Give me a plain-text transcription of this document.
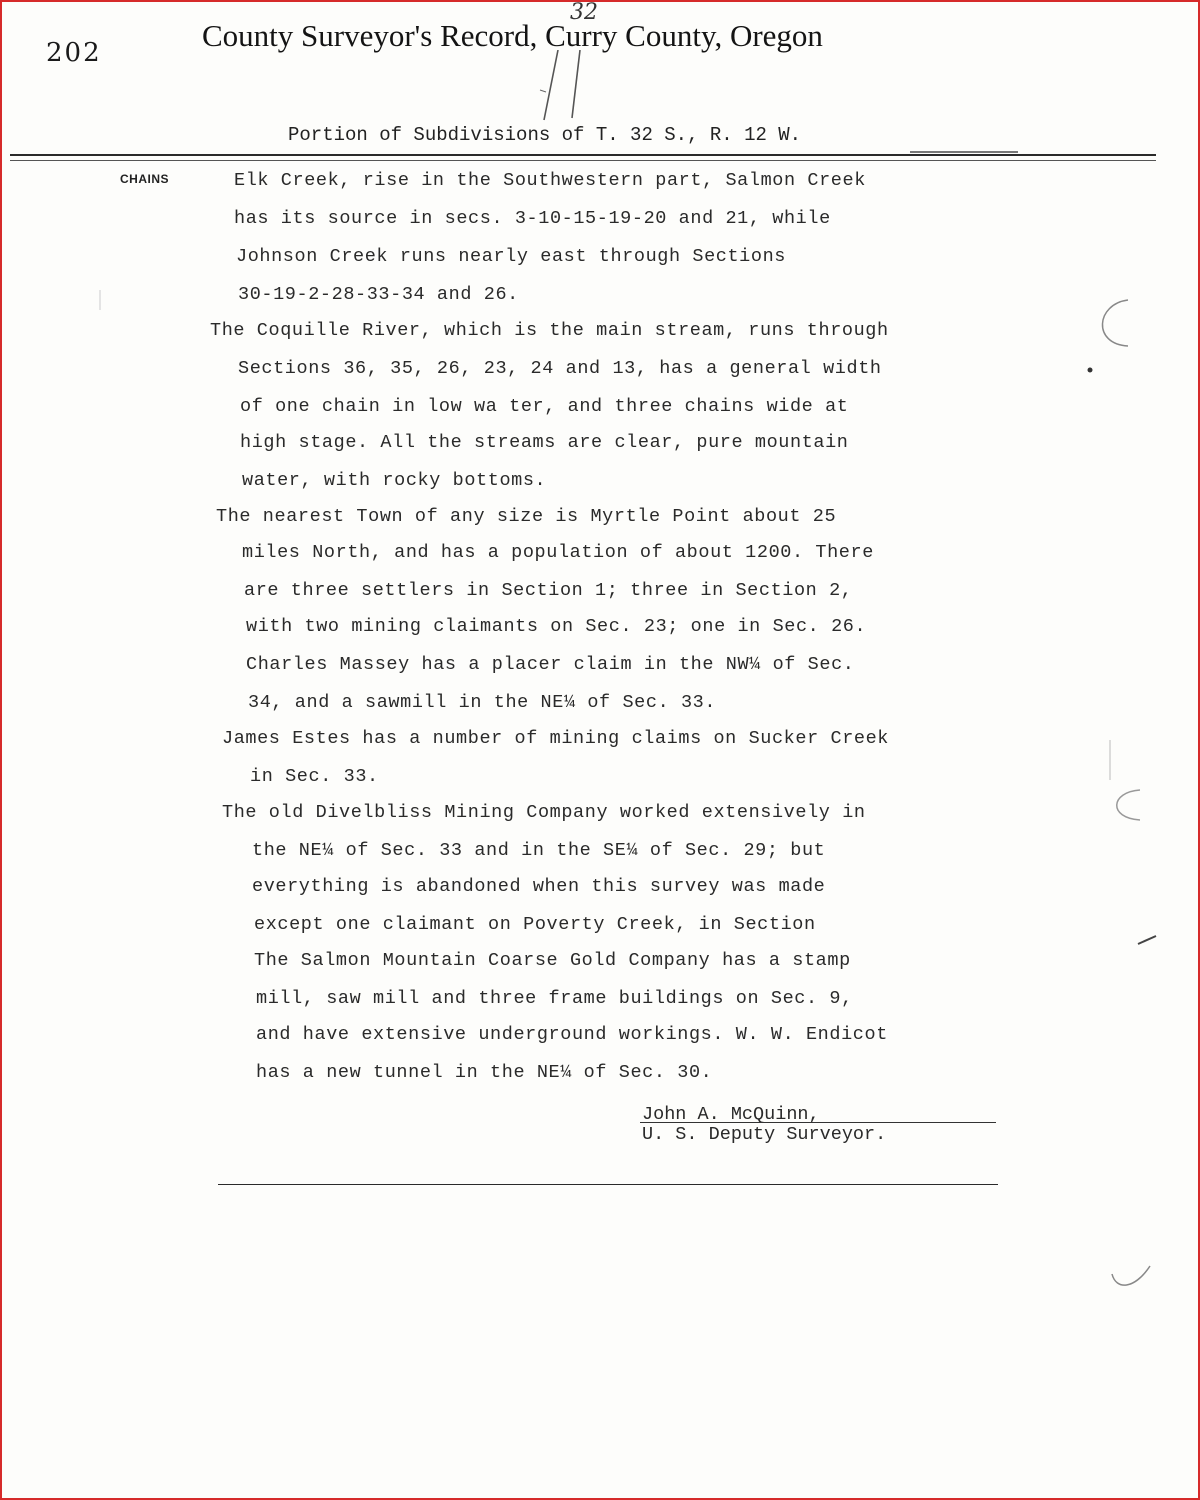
202	County Surveyor's Record, Curry County, Oregon
32
Portion of Subdivisions of T. 32 S., R. 12 W.
CHAINS	Elk Creek, rise in the Southwestern part, Salmon Creek
has its source in secs. 3-10-15-19-20 and 21, while
Johnson Creek runs nearly east through Sections
30-19-2-28-33-34 and 26.
The Coquille River, which is the main stream, runs through
Sections 36, 35, 26, 23, 24 and 13, has a general width
of one chain in low wa ter, and three chains wide at
high stage. All the streams are clear, pure mountain
water, with rocky bottoms.
The nearest Town of any size is Myrtle Point about 25
miles North, and has a population of about 1200. There
are three settlers in Section 1; three in Section 2,
with two mining claimants on Sec. 23; one in Sec. 26.
Charles Massey has a placer claim in the NW¼ of Sec.
34, and a sawmill in the NE¼ of Sec. 33.
James Estes has a number of mining claims on Sucker Creek
in Sec. 33.
The old Divelbliss Mining Company worked extensively in
the NE¼ of Sec. 33 and in the SE¼ of Sec. 29; but
everything is abandoned when this survey was made
except one claimant on Poverty Creek, in Section
The Salmon Mountain Coarse Gold Company has a stamp
mill, saw mill and three frame buildings on Sec. 9,
and have extensive underground workings. W. W. Endicot
has a new tunnel in the NE¼ of Sec. 30.
John A. McQuinn,
U. S. Deputy Surveyor.
